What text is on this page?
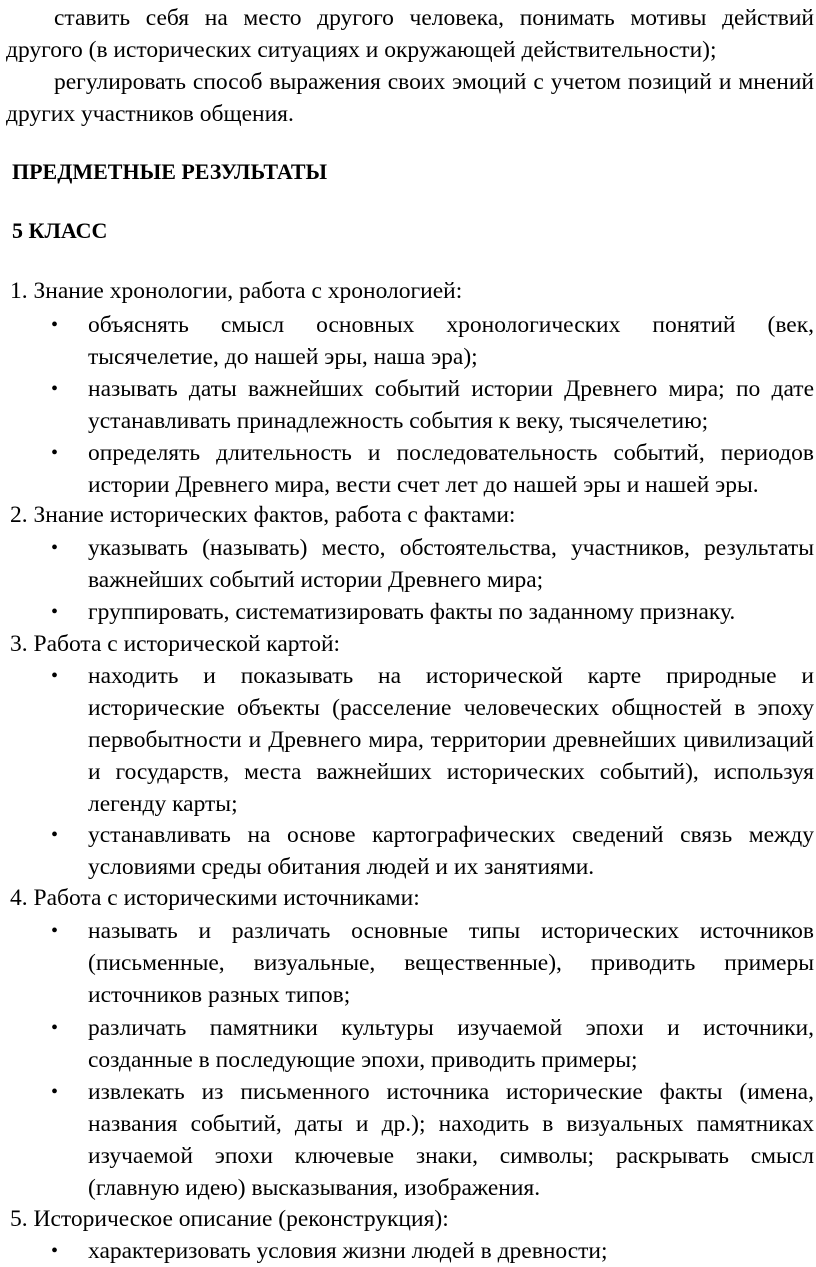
ставить себя на место другого человека, понимать мотивы действий другого (в исторических ситуациях и окружающей действительности);

регулировать способ выражения своих эмоций с учетом позиций и мнений других участников общения.

ПРЕДМЕТНЫЕ РЕЗУЛЬТАТЫ
5 КЛАСС

1. Знание хронологии, работа с хронологией:

• объяснять смысл основных хронологических понятий (век, тысячелетие, до нашей эры, наша эра);
• называть даты важнейших событий истории Древнего мира; по дате устанавливать принадлежность события к веку, тысячелетию;
• определять длительность и последовательность событий, периодов истории Древнего мира, вести счет лет до нашей эры и нашей эры.

2. Знание исторических фактов, работа с фактами:

• указывать (называть) место, обстоятельства, участников, результаты важнейших событий истории Древнего мира;
• группировать, систематизировать факты по заданному признаку.

3. Работа с исторической картой:

• находить и показывать на исторической карте природные и исторические объекты (расселение человеческих общностей в эпоху первобытности и Древнего мира, территории древнейших цивилизаций и государств, места важнейших исторических событий), используя легенду карты;
• устанавливать на основе картографических сведений связь между условиями среды обитания людей и их занятиями.

4. Работа с историческими источниками:

• называть и различать основные типы исторических источников (письменные, визуальные, вещественные), приводить примеры источников разных типов;
• различать памятники культуры изучаемой эпохи и источники, созданные в последующие эпохи, приводить примеры;
• извлекать из письменного источника исторические факты (имена, названия событий, даты и др.); находить в визуальных памятниках изучаемой эпохи ключевые знаки, символы; раскрывать смысл (главную идею) высказывания, изображения.

5. Историческое описание (реконструкция):

• характеризовать условия жизни людей в древности;
